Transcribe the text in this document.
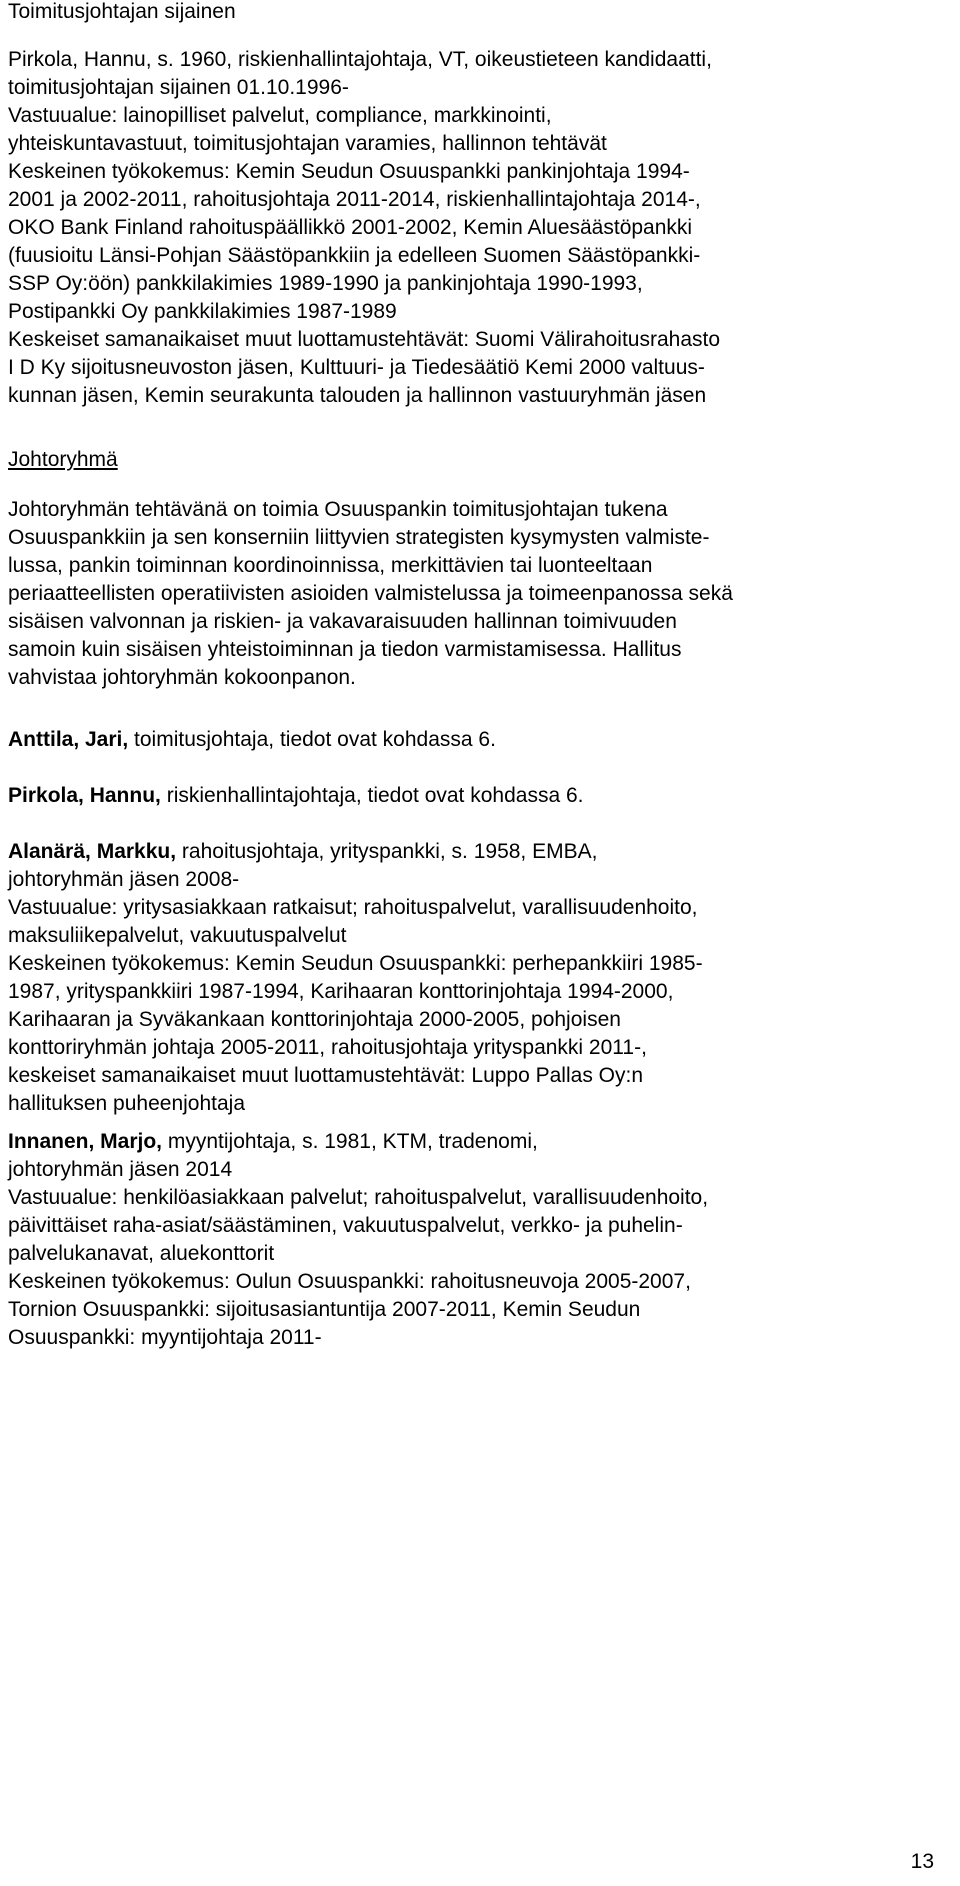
Toimitusjohtajan sijainen
Pirkola, Hannu, s. 1960, riskienhallintajohtaja, VT, oikeustieteen kandidaatti,
toimitusjohtajan sijainen 01.10.1996-
Vastuualue: lainopilliset palvelut, compliance, markkinointi,
yhteiskuntavastuut, toimitusjohtajan varamies, hallinnon tehtävät
Keskeinen työkokemus: Kemin Seudun Osuuspankki pankinjohtaja 1994-
2001 ja 2002-2011, rahoitusjohtaja 2011-2014, riskienhallintajohtaja 2014-,
OKO Bank Finland rahoituspäällikkö 2001-2002, Kemin Aluesäästöpankki
(fuusioitu Länsi-Pohjan Säästöpankkiin ja edelleen Suomen Säästöpankki-
SSP Oy:öön) pankkilakimies 1989-1990 ja pankinjohtaja 1990-1993,
Postipankki Oy pankkilakimies 1987-1989
Keskeiset samanaikaiset muut luottamustehtävät: Suomi Välirahoitusrahasto
I D Ky sijoitusneuvoston jäsen, Kulttuuri- ja Tiedesäätiö Kemi 2000 valtuus-
kunnan jäsen, Kemin seurakunta talouden ja hallinnon vastuuryhmän jäsen
Johtoryhmä
Johtoryhmän tehtävänä on toimia Osuuspankin toimitusjohtajan tukena
Osuuspankkiin ja sen konserniin liittyvien strategisten kysymysten valmiste-
lussa, pankin toiminnan koordinoinnissa, merkittävien tai luonteeltaan
periaatteellisten operatiivisten asioiden valmistelussa ja toimeenpanossa sekä
sisäisen valvonnan ja riskien- ja vakavaraisuuden hallinnan toimivuuden
samoin kuin sisäisen yhteistoiminnan ja tiedon varmistamisessa. Hallitus
vahvistaa johtoryhmän kokoonpanon.
Anttila, Jari, toimitusjohtaja, tiedot ovat kohdassa 6.
Pirkola, Hannu, riskienhallintajohtaja, tiedot ovat kohdassa 6.
Alanärä, Markku, rahoitusjohtaja, yrityspankki, s. 1958, EMBA,
johtoryhmän jäsen 2008-
Vastuualue: yritysasiakkaan ratkaisut; rahoituspalvelut, varallisuudenhoito,
maksuliikepalvelut, vakuutuspalvelut
Keskeinen työkokemus: Kemin Seudun Osuuspankki: perhepankkiiri 1985-
1987, yrityspankkiiri 1987-1994, Karihaaran konttorinjohtaja 1994-2000,
Karihaaran ja Syväkankaan konttorinjohtaja 2000-2005, pohjoisen
konttoriryhmän johtaja 2005-2011, rahoitusjohtaja yrityspankki 2011-,
keskeiset samanaikaiset muut luottamustehtävät: Luppo Pallas Oy:n
hallituksen puheenjohtaja
Innanen, Marjo, myyntijohtaja, s. 1981, KTM, tradenomi,
johtoryhmän jäsen 2014
Vastuualue: henkilöasiakkaan palvelut; rahoituspalvelut, varallisuudenhoito,
päivittäiset raha-asiat/säästäminen, vakuutuspalvelut, verkko- ja puhelin-
palvelukanavat, aluekonttorit
Keskeinen työkokemus: Oulun Osuuspankki: rahoitusneuvoja 2005-2007,
Tornion Osuuspankki: sijoitusasiantuntija 2007-2011, Kemin Seudun
Osuuspankki: myyntijohtaja 2011-
13
